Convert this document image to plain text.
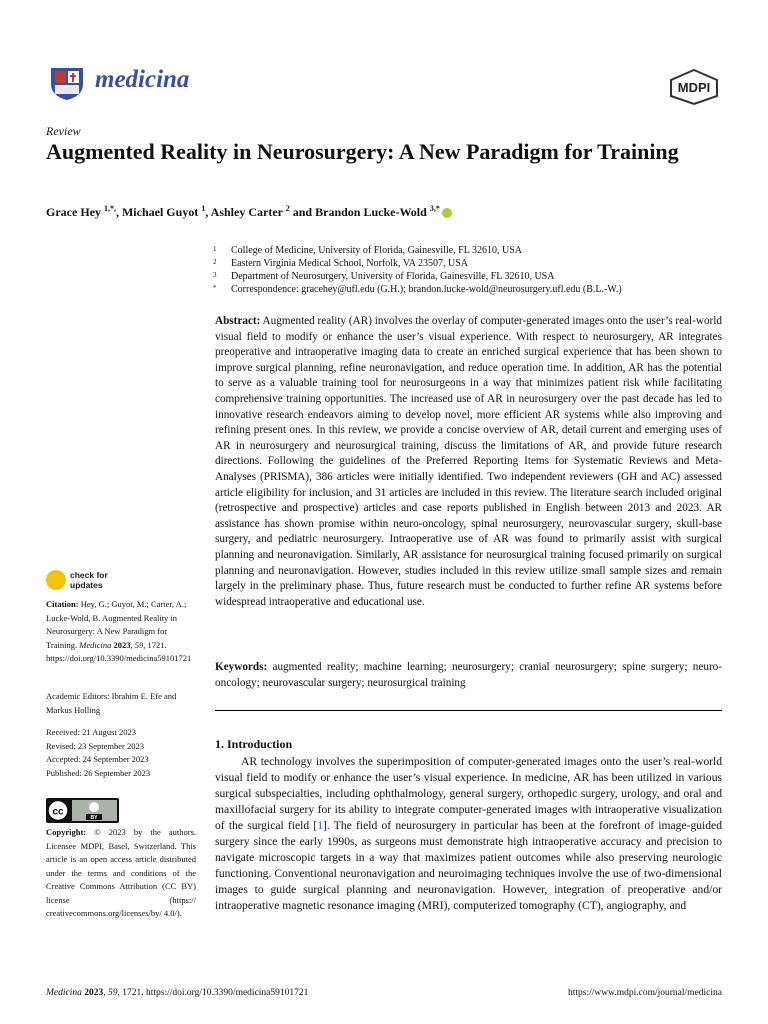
medicina	MDPI
Review
Augmented Reality in Neurosurgery: A New Paradigm for Training
Grace Hey $^{1,*,}$, Michael Guyot $^1$, Ashley Carter $^2$ and Brandon Lucke-Wold $^{3,*}$
1	College of Medicine, University of Florida, Gainesville, FL 32610, USA
2	Eastern Virginia Medical School, Norfolk, VA 23507, USA
3	Department of Neurosurgery, University of Florida, Gainesville, FL 32610, USA
*	Correspondence: gracehey@ufl.edu (G.H.); brandon.lucke-wold@neurosurgery.ufl.edu (B.L.-W.)
Abstract: Augmented reality (AR) involves the overlay of computer-generated images onto the user’s real-world visual field to modify or enhance the user’s visual experience. With respect to neurosurgery, AR integrates preoperative and intraoperative imaging data to create an enriched surgical experience that has been shown to improve surgical planning, refine neuronavigation, and reduce operation time. In addition, AR has the potential to serve as a valuable training tool for neurosurgeons in a way that minimizes patient risk while facilitating comprehensive training opportunities. The increased use of AR in neurosurgery over the past decade has led to innovative research endeavors aiming to develop novel, more efficient AR systems while also improving and refining present ones. In this review, we provide a concise overview of AR, detail current and emerging uses of AR in neurosurgery and neurosurgical training, discuss the limitations of AR, and provide future research directions. Following the guidelines of the Preferred Reporting Items for Systematic Reviews and Meta-Analyses (PRISMA), 386 articles were initially identified. Two independent reviewers (GH and AC) assessed article eligibility for inclusion, and 31 articles are included in this review. The literature search included original (retrospective and prospective) articles and case reports published in English between 2013 and 2023. AR assistance has shown promise within neuro-oncology, spinal neurosurgery, neurovascular surgery, skull-base surgery, and pediatric neurosurgery. Intraoperative use of AR was found to primarily assist with surgical planning and neuronavigation. Similarly, AR assistance for neurosurgical training focused primarily on surgical planning and neuronavigation. However, studies included in this review utilize small sample sizes and remain largely in the preliminary phase. Thus, future research must be conducted to further refine AR systems before widespread intraoperative and educational use.
Keywords: augmented reality; machine learning; neurosurgery; cranial neurosurgery; spine surgery; neuro-oncology; neurovascular surgery; neurosurgical training
check for
updates
Citation: Hey, G.; Guyot, M.; Carter, A.; Lucke-Wold, B. Augmented Reality in Neurosurgery: A New Paradigm for Training. Medicina 2023, 59, 1721. https://doi.org/10.3390/medicina59101721
Academic Editors: Ibrahim E. Efe and Markus Holling
Received: 21 August 2023
Revised: 23 September 2023
Accepted: 24 September 2023
Published: 26 September 2023
cc
BY
Copyright: © 2023 by the authors. Licensee MDPI, Basel, Switzerland. This article is an open access article distributed under the terms and conditions of the Creative Commons Attribution (CC BY) license (https:// creativecommons.org/licenses/by/ 4.0/).
1. Introduction

AR technology involves the superimposition of computer-generated images onto the user’s real-world visual field to modify or enhance the user’s visual experience. In medicine, AR has been utilized in various surgical subspecialties, including ophthalmology, general surgery, orthopedic surgery, urology, and oral and maxillofacial surgery for its ability to integrate computer-generated images with intraoperative visualization of the surgical field [1]. The field of neurosurgery in particular has been at the forefront of image-guided surgery since the early 1990s, as surgeons must demonstrate high intraoperative accuracy and precision to navigate microscopic targets in a way that maximizes patient outcomes while also preserving neurologic functioning. Conventional neuronavigation and neuroimaging techniques involve the use of two-dimensional images to guide surgical planning and neuronavigation. However, integration of preoperative and/or intraoperative magnetic resonance imaging (MRI), computerized tomography (CT), angiography, and

Medicina 2023, 59, 1721. https://doi.org/10.3390/medicina59101721	https://www.mdpi.com/journal/medicina
